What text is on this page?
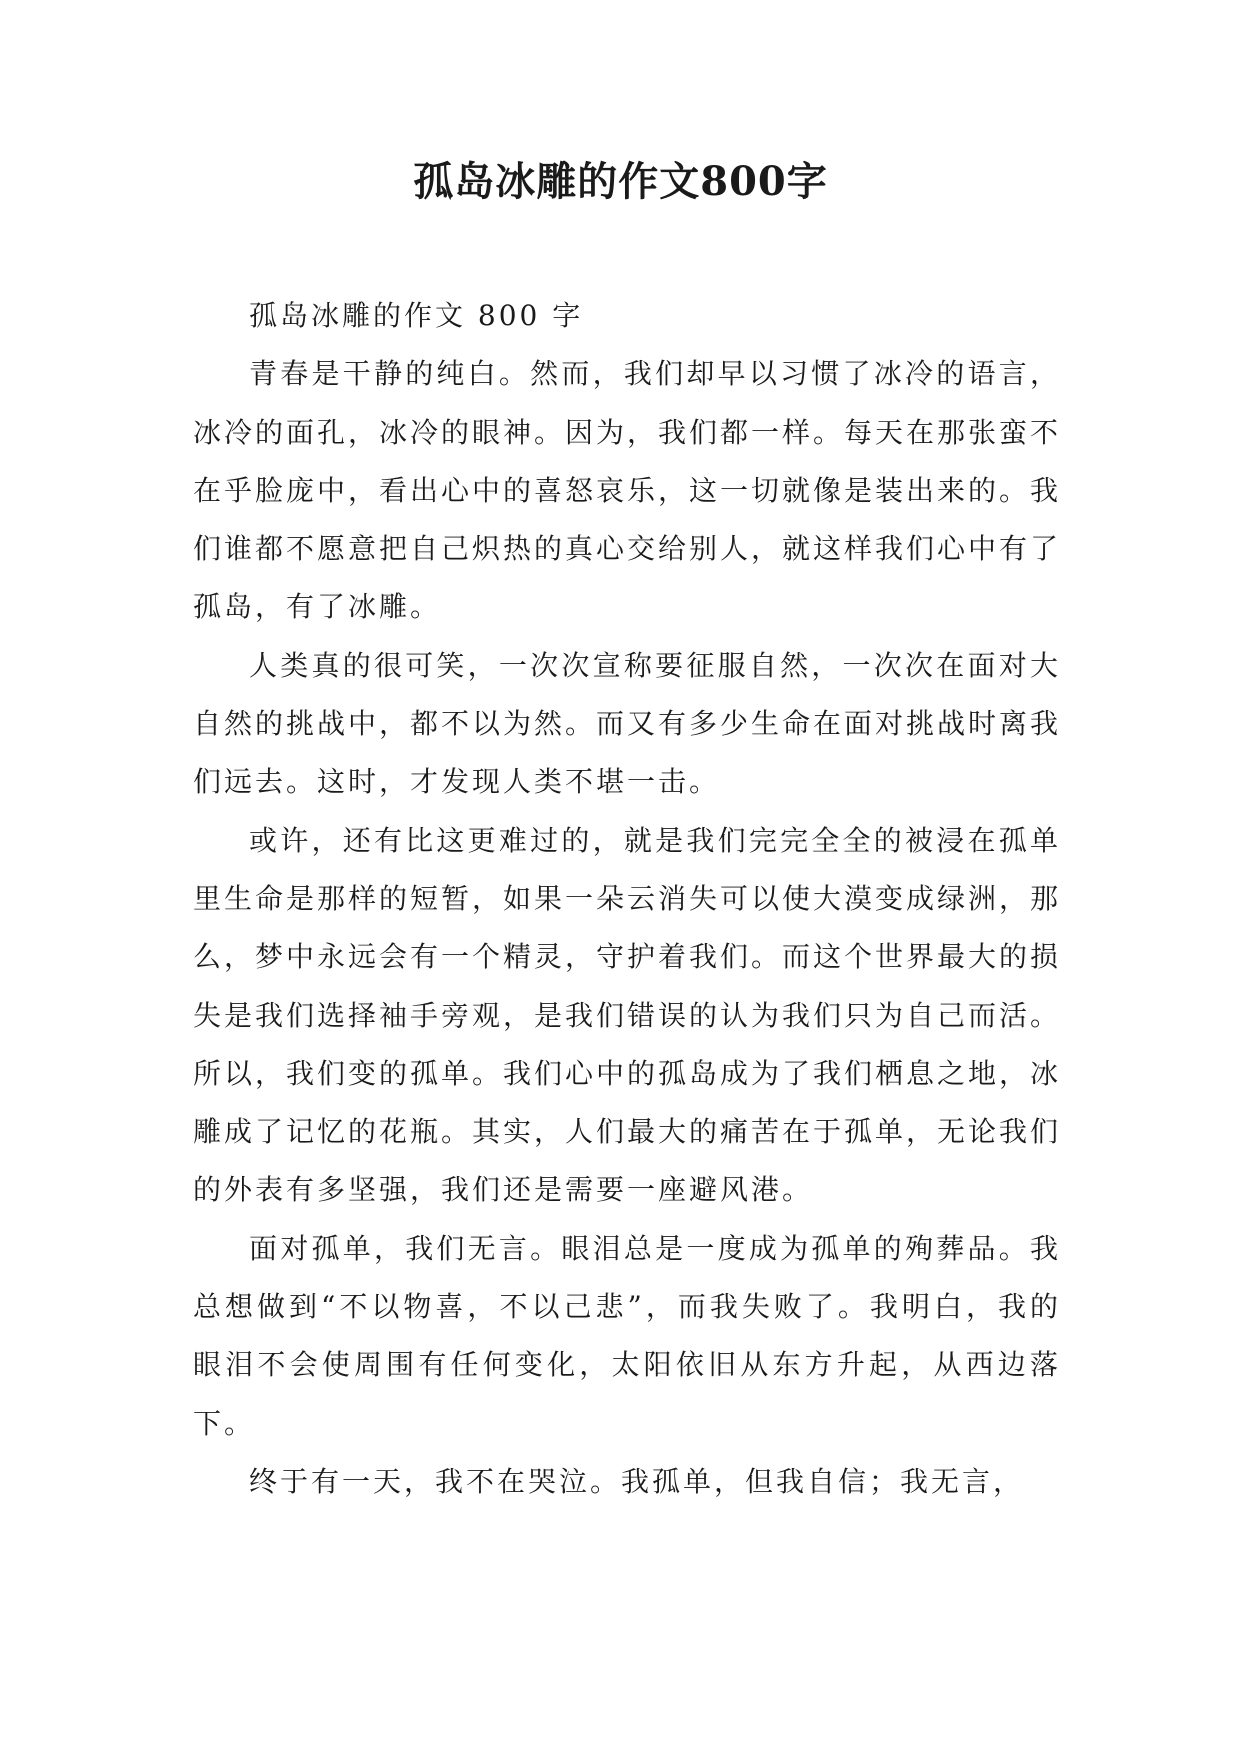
孤岛冰雕的作文800字

孤岛冰雕的作文 800 字

青春是干静的纯白。然而，我们却早以习惯了冰冷的语言，冰冷的面孔，冰冷的眼神。因为，我们都一样。每天在那张蛮不在乎脸庞中，看出心中的喜怒哀乐，这一切就像是装出来的。我们谁都不愿意把自己炽热的真心交给别人，就这样我们心中有了孤岛，有了冰雕。

人类真的很可笑，一次次宣称要征服自然，一次次在面对大自然的挑战中，都不以为然。而又有多少生命在面对挑战时离我们远去。这时，才发现人类不堪一击。

或许，还有比这更难过的，就是我们完完全全的被浸在孤单里生命是那样的短暂，如果一朵云消失可以使大漠变成绿洲，那么，梦中永远会有一个精灵，守护着我们。而这个世界最大的损失是我们选择袖手旁观，是我们错误的认为我们只为自己而活。所以，我们变的孤单。我们心中的孤岛成为了我们栖息之地，冰雕成了记忆的花瓶。其实，人们最大的痛苦在于孤单，无论我们的外表有多坚强，我们还是需要一座避风港。

面对孤单，我们无言。眼泪总是一度成为孤单的殉葬品。我总想做到“不以物喜，不以己悲”，而我失败了。我明白，我的眼泪不会使周围有任何变化，太阳依旧从东方升起，从西边落下。

终于有一天，我不在哭泣。我孤单，但我自信；我无言，
